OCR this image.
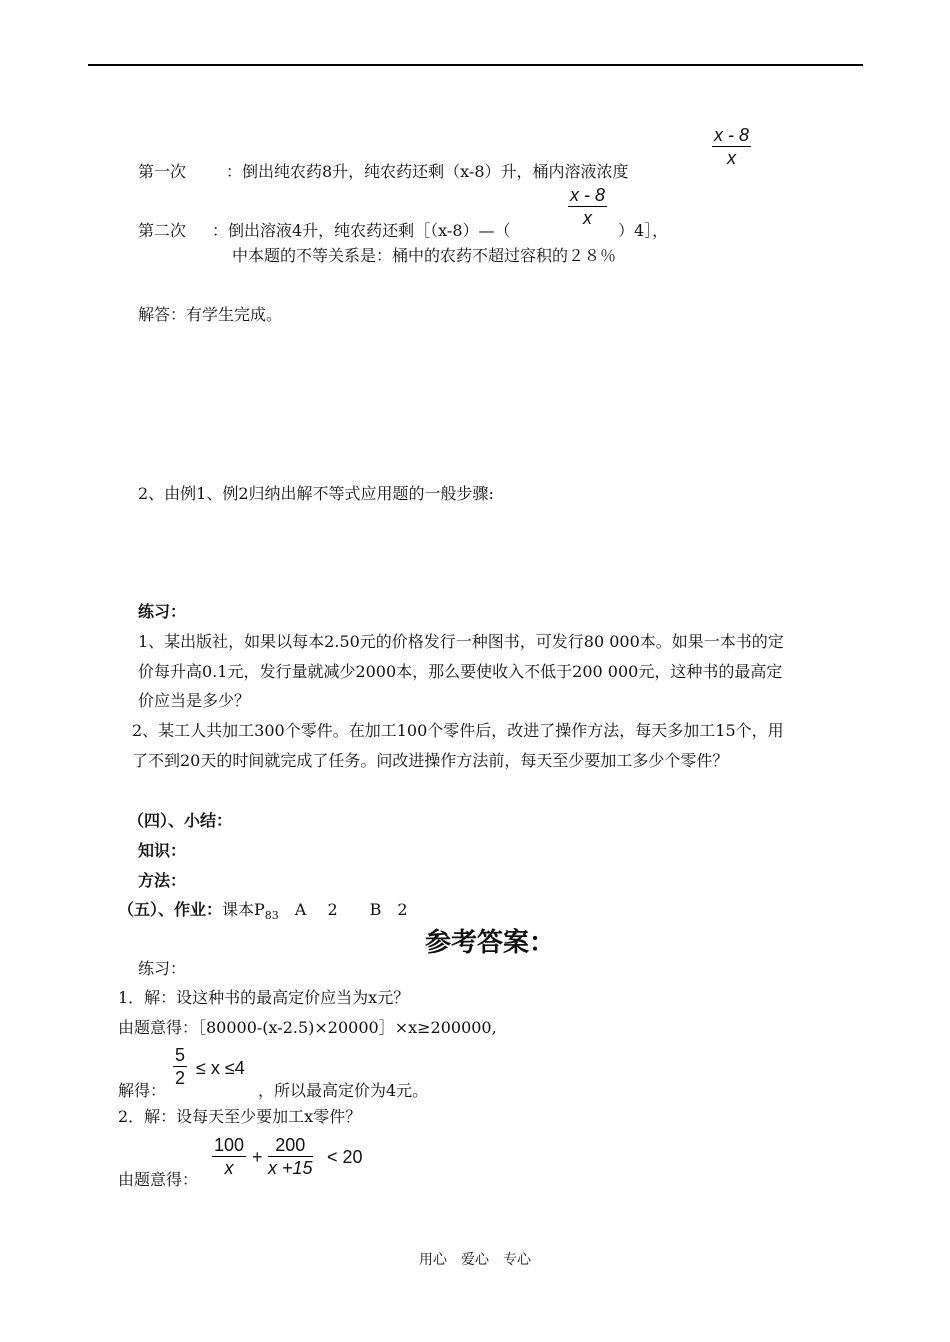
第一次 ：倒出纯农药8升，纯农药还剩（x-8）升，桶内溶液浓度
x - 8
x
第二次 ：倒出溶液4升，纯农药还剩［（x-8）—（
x - 8
x
）4］，
中本题的不等关系是：桶中的农药不超过容积的２８％
解答：有学生完成。
2、由例1、例2归纳出解不等式应用题的一般步骤:
练习：
1、某出版社，如果以每本2.50元的价格发行一种图书，可发行80 000本。如果一本书的定
价每升高0.1元，发行量就减少2000本，那么要使收入不低于200 000元，这种书的最高定
价应当是多少？
2、某工人共加工300个零件。在加工100个零件后，改进了操作方法，每天多加工15个，用
了不到20天的时间就完成了任务。问改进操作方法前，每天至少要加工多少个零件？
（四）、小结：
知识：
方法：
（五）、作业：课本$P_{83}$　A　 2　　B　2
参考答案：
练习：
1．解：设这种书的最高定价应当为x元？
由题意得：［80000-(x-2.5)×20000］×x≥200000,
解得：
5
2 ≤ x ≤4
，所以最高定价为4元。
2．解：设每天至少要加工x零件？
由题意得：
100
x
+
200
x +15
< 20
用心　爱心　专心
